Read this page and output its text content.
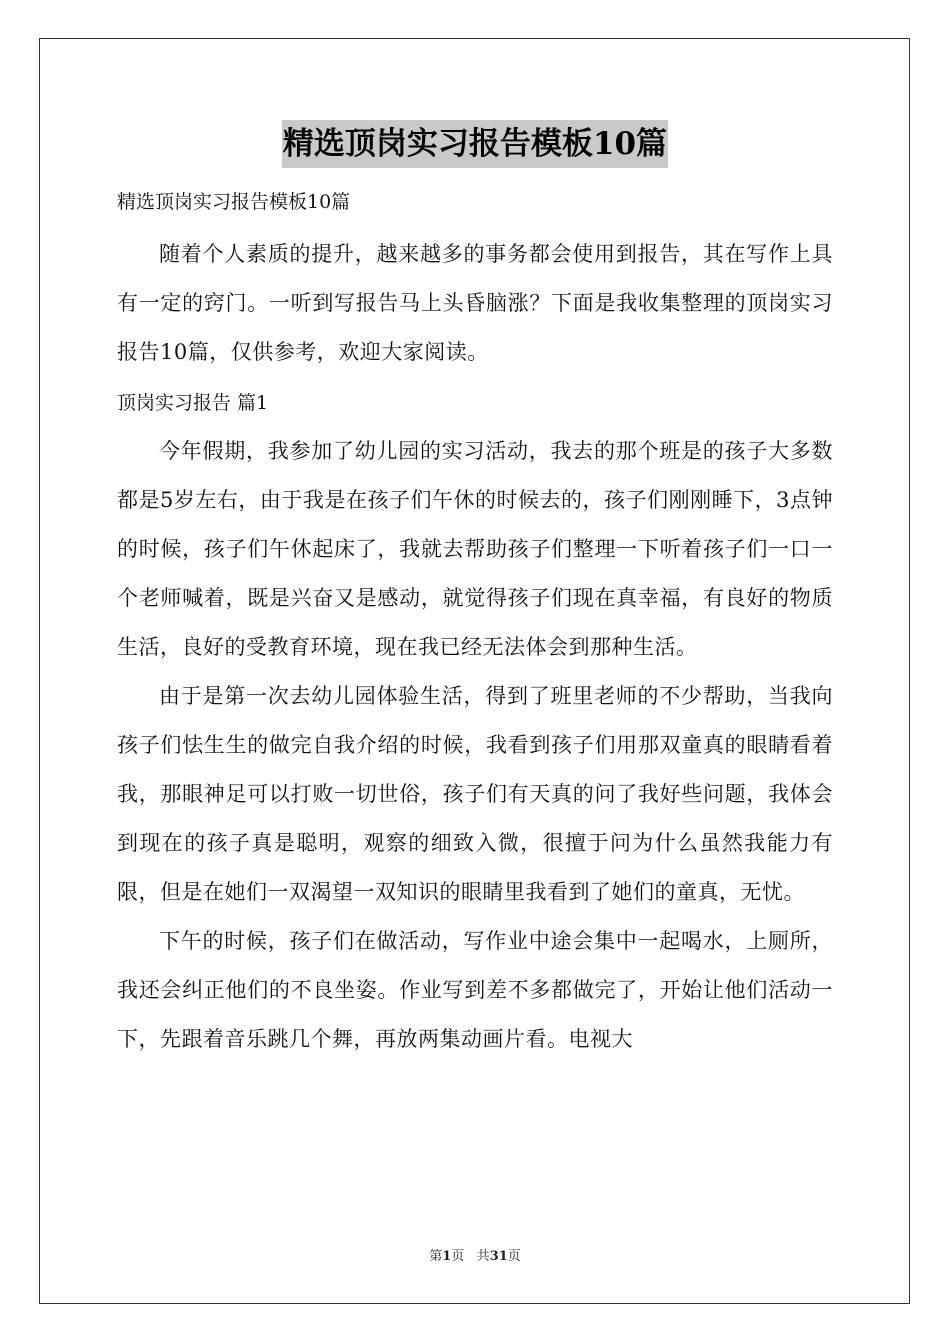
精选顶岗实习报告模板10篇
精选顶岗实习报告模板10篇

随着个人素质的提升，越来越多的事务都会使用到报告，其在写作上具有一定的窍门。一听到写报告马上头昏脑涨？下面是我收集整理的顶岗实习报告10篇，仅供参考，欢迎大家阅读。

顶岗实习报告 篇1

今年假期，我参加了幼儿园的实习活动，我去的那个班是的孩子大多数都是5岁左右，由于我是在孩子们午休的时候去的，孩子们刚刚睡下，3点钟的时候，孩子们午休起床了，我就去帮助孩子们整理一下听着孩子们一口一个老师喊着，既是兴奋又是感动，就觉得孩子们现在真幸福，有良好的物质生活，良好的受教育环境，现在我已经无法体会到那种生活。

由于是第一次去幼儿园体验生活，得到了班里老师的不少帮助，当我向孩子们怯生生的做完自我介绍的时候，我看到孩子们用那双童真的眼睛看着我，那眼神足可以打败一切世俗，孩子们有天真的问了我好些问题，我体会到现在的孩子真是聪明，观察的细致入微，很擅于问为什么虽然我能力有限，但是在她们一双渴望一双知识的眼睛里我看到了她们的童真，无忧。

下午的时候，孩子们在做活动，写作业中途会集中一起喝水，上厕所，我还会纠正他们的不良坐姿。作业写到差不多都做完了，开始让他们活动一下，先跟着音乐跳几个舞，再放两集动画片看。电视大

第1页 共31页
